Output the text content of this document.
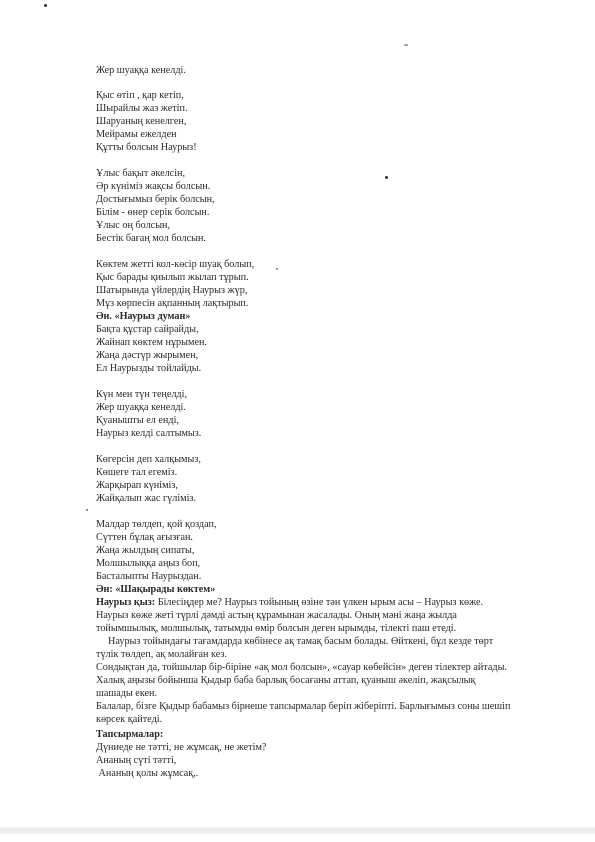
Жер шуаққа кенелді.
Қыс өтіп , қар кетіп,
Шырайлы жаз жетіп.
Шаруаның кенелген,
Мейрамы ежелден
Құтты болсын Наурыз!
Ұлыс бақыт әкелсін,
Әр күніміз жақсы болсын.
Достығымыз берік болсын,
Білім - өнер серік болсын.
Ұлыс оң болсын,
Бестік бағаң мол болсын.
Көктем жетті кол-көсір шуақ болып,
Қыс барады қиылып жылап тұрып.
Шатырында үйлердің Наурыз жүр,
Мұз көрпесін ақпанның лақтырып.
Ән. «Наурыз думан»
Бақта құстар сайрайды,
Жайнап көктем нұрымен.
Жаңа дәстүр жырымен,
Ел Наурызды тойлайды.
Күн мен түн теңелді,
Жер шуаққа кенелді.
Қуанышты ел енді,
Наурыз келді салтымыз.
Көгерсін деп халқымыз,
Көшеге тал егеміз.
Жарқырап күніміз,
Жайқалып жас гүліміз.
Малдар төлдеп, қой қоздап,
Сүттен бұлақ ағызған.
Жаңа жылдың сипаты,
Молшылыққа аңыз боп,
Басталыпты Наурыздан.
Ән: «Шақырады көктем»
Наурыз қыз: Білесіңдер ме? Наурыз тойының өзіне тән үлкен ырым асы – Наурыз көже.
Наурыз көже жеті түрлі дәмді астың құрамынан жасалады. Оның мәні жаңа жылда
тойымшылық, молшылық, татымды өмір болсын деген ырымды, тілекті паш етеді.
Наурыз тойындағы тағамдарда көбінесе ақ тамақ басым болады. Өйткені, бұл кезде төрт
түлік төлдеп, ақ молайған кез.
Сондықтан да, тойшылар бір-біріне «ақ мол болсын», «сауар көбейсін» деген тілектер айтады.
Халық аңызы бойынша Қыдыр баба барлық босағаны аттап, қуаныш әкеліп, жақсылық
шашады екен.
Балалар, бізге Қыдыр бабамыз бірнеше тапсырмалар беріп жіберіпті. Барлығымыз соны шешіп
көрсек қайтеді.
Тапсырмалар:
Дүниеде не тәтті, не жұмсақ, не жетім?
Ананың сүті тәтті,
Ананың қолы жұмсақ,.
